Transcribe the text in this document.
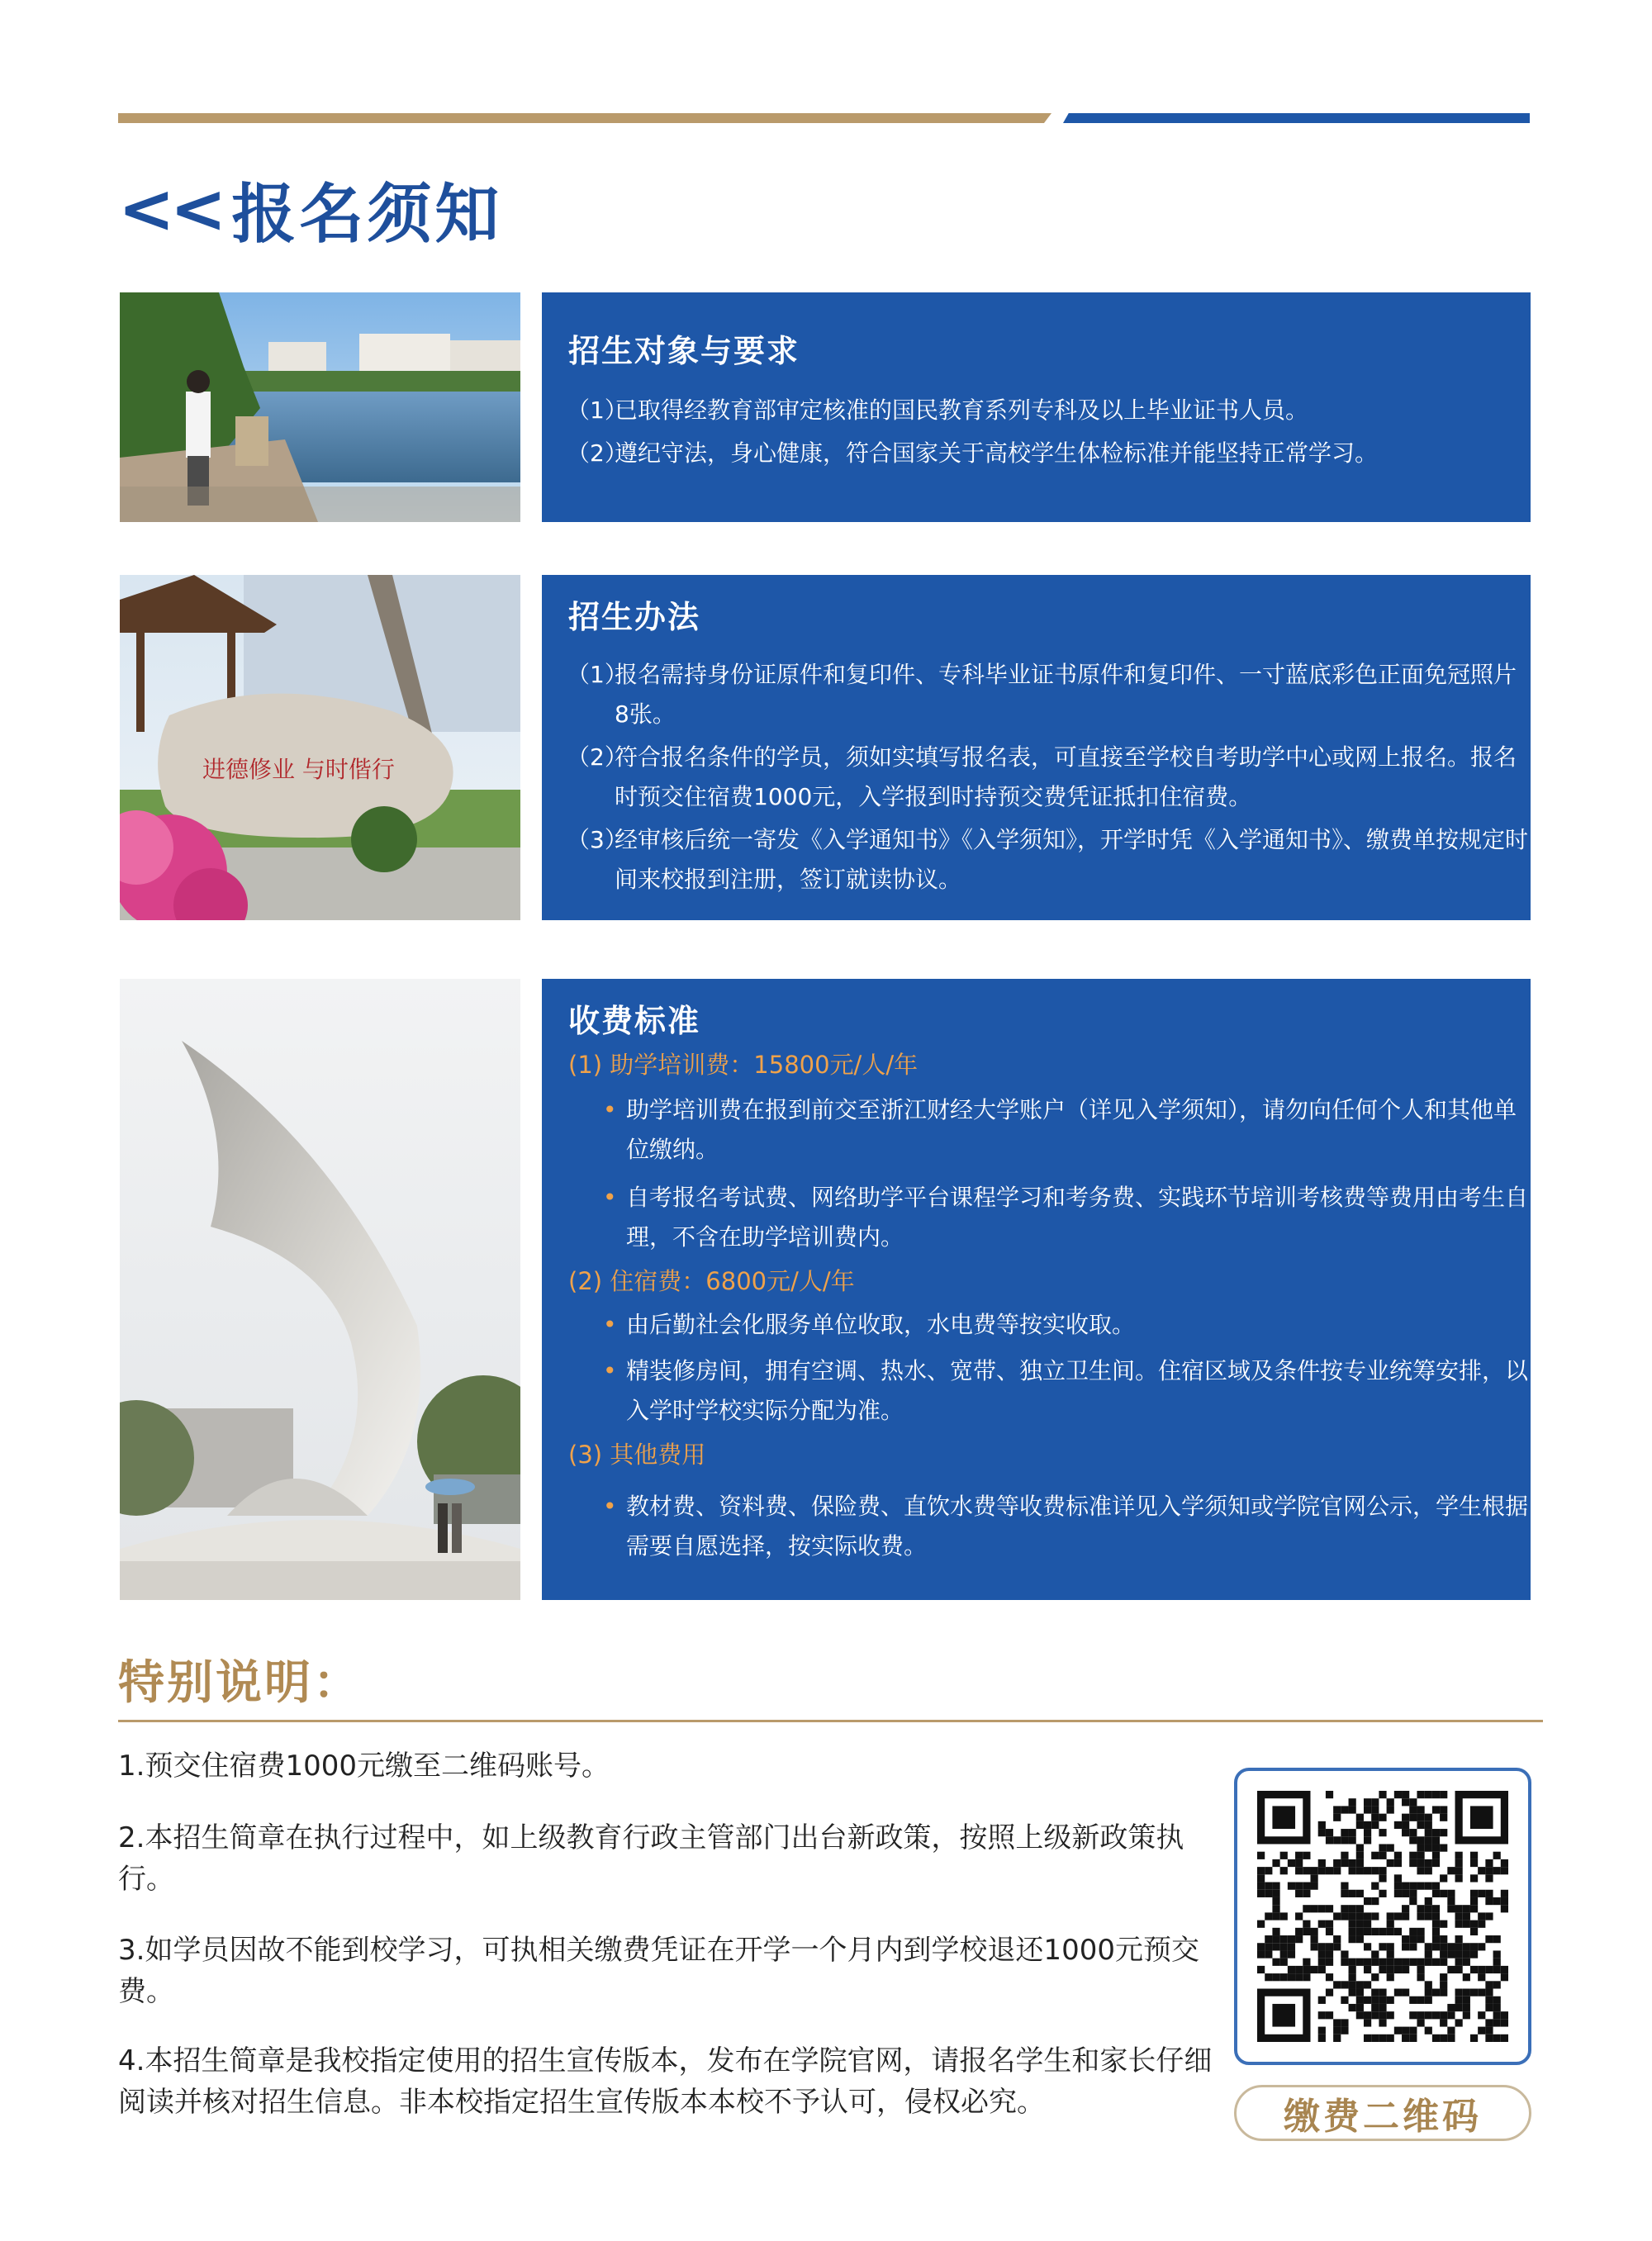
<< 报名须知
招生对象与要求
（1）
已取得经教育部审定核准的国民教育系列专科及以上毕业证书人员。
（2）
遵纪守法，身心健康，符合国家关于高校学生体检标准并能坚持正常学习。
进德修业 与时偕行
招生办法
（1）
报名需持身份证原件和复印件、专科毕业证书原件和复印件、一寸蓝底彩色正面免冠照片8张。
（2）
符合报名条件的学员，须如实填写报名表，可直接至学校自考助学中心或网上报名。报名时预交住宿费1000元，入学报到时持预交费凭证抵扣住宿费。
（3）
经审核后统一寄发《入学通知书》《入学须知》，开学时凭《入学通知书》、缴费单按规定时间来校报到注册，签订就读协议。
收费标准
(1) 助学培训费：15800元/人/年
• 助学培训费在报到前交至浙江财经大学账户（详见入学须知），请勿向任何个人和其他单位缴纳。
• 自考报名考试费、网络助学平台课程学习和考务费、实践环节培训考核费等费用由考生自理，不含在助学培训费内。
(2) 住宿费：6800元/人/年
• 由后勤社会化服务单位收取，水电费等按实收取。
• 精装修房间，拥有空调、热水、宽带、独立卫生间。住宿区域及条件按专业统筹安排，以入学时学校实际分配为准。
(3) 其他费用
• 教材费、资料费、保险费、直饮水费等收费标准详见入学须知或学院官网公示，学生根据需要自愿选择，按实际收费。
特别说明：
1.预交住宿费1000元缴至二维码账号。
2.本招生简章在执行过程中，如上级教育行政主管部门出台新政策，按照上级新政策执行。
3.如学员因故不能到校学习，可执相关缴费凭证在开学一个月内到学校退还1000元预交费。
4.本招生简章是我校指定使用的招生宣传版本，发布在学院官网，请报名学生和家长仔细阅读并核对招生信息。非本校指定招生宣传版本本校不予认可，侵权必究。	缴费二维码
